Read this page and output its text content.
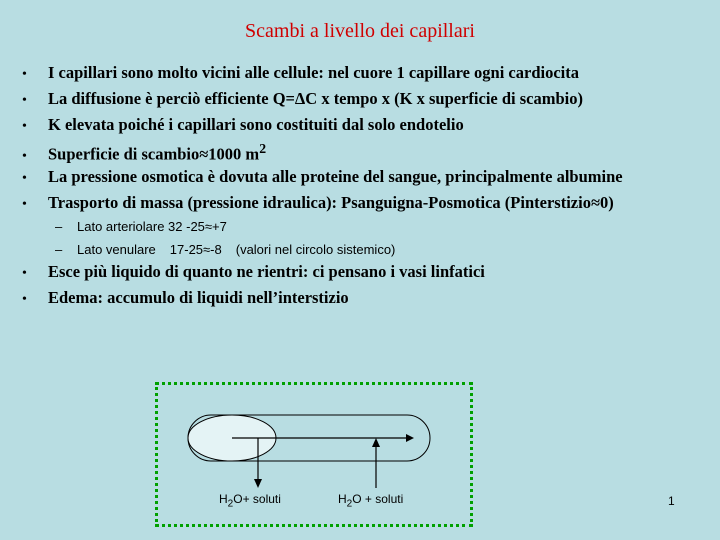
Scambi a livello dei capillari
•	I capillari sono molto vicini alle cellule: nel cuore 1 capillare ogni cardiocita
•	La diffusione è perciò efficiente Q=ΔC x tempo x (K x superficie di scambio)
•	K elevata poiché i capillari sono costituiti dal solo endotelio
•	Superficie di scambio≈1000 $m^2$
•	La pressione osmotica è dovuta alle proteine del sangue, principalmente albumine
•	Trasporto di massa (pressione idraulica): Psanguigna-Posmotica (Pinterstizio≈0)
–	Lato arteriolare 32 -25≈+7
–	Lato venulare 17-25≈-8 (valori nel circolo sistemico)
•	Esce più liquido di quanto ne rientri: ci pensano i vasi linfatici
•	Edema: accumulo di liquidi nell’interstizio
$H_2O+$ soluti	$H_2O$ + soluti	1
